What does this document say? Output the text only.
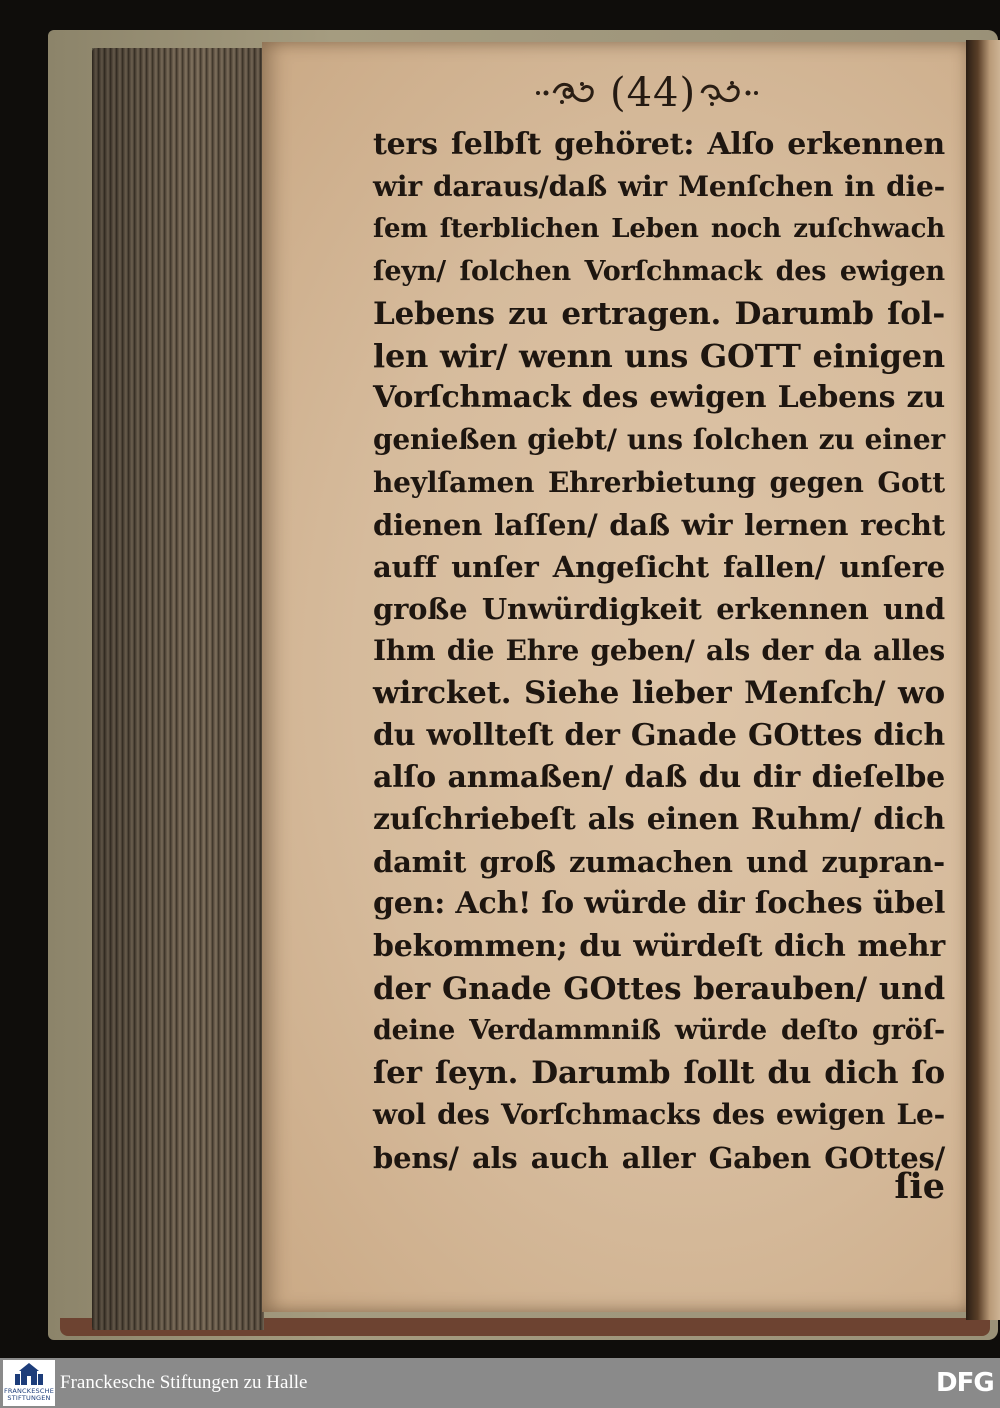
(44)
ters ſelbſt gehöret: Alſo erkennen
wir daraus/daß wir Menſchen in die-
ſem ſterblichen Leben noch zuſchwach
ſeyn/ ſolchen Vorſchmack des ewigen
Lebens zu ertragen. Darumb ſol-
len wir/ wenn uns GOTT einigen
Vorſchmack des ewigen Lebens zu
genießen giebt/ uns ſolchen zu einer
heylſamen Ehrerbietung gegen Gott
dienen laſſen/ daß wir lernen recht
auff unſer Angeſicht fallen/ unſere
große Unwürdigkeit erkennen und
Ihm die Ehre geben/ als der da alles
wircket. Siehe lieber Menſch/ wo
du wollteſt der Gnade GOttes dich
alſo anmaßen/ daß du dir dieſelbe
zuſchriebeſt als einen Ruhm/ dich
damit groß zumachen und zupran-
gen: Ach! ſo würde dir ſoches übel
bekommen; du würdeſt dich mehr
der Gnade GOttes berauben/ und
deine Verdammniß würde deſto gröſ-
ſer ſeyn. Darumb ſollt du dich ſo
wol des Vorſchmacks des ewigen Le-
bens/ als auch aller Gaben GOttes/
ſie
FRANCKESCHE STIFTUNGEN
Franckesche Stiftungen zu Halle	DFG
